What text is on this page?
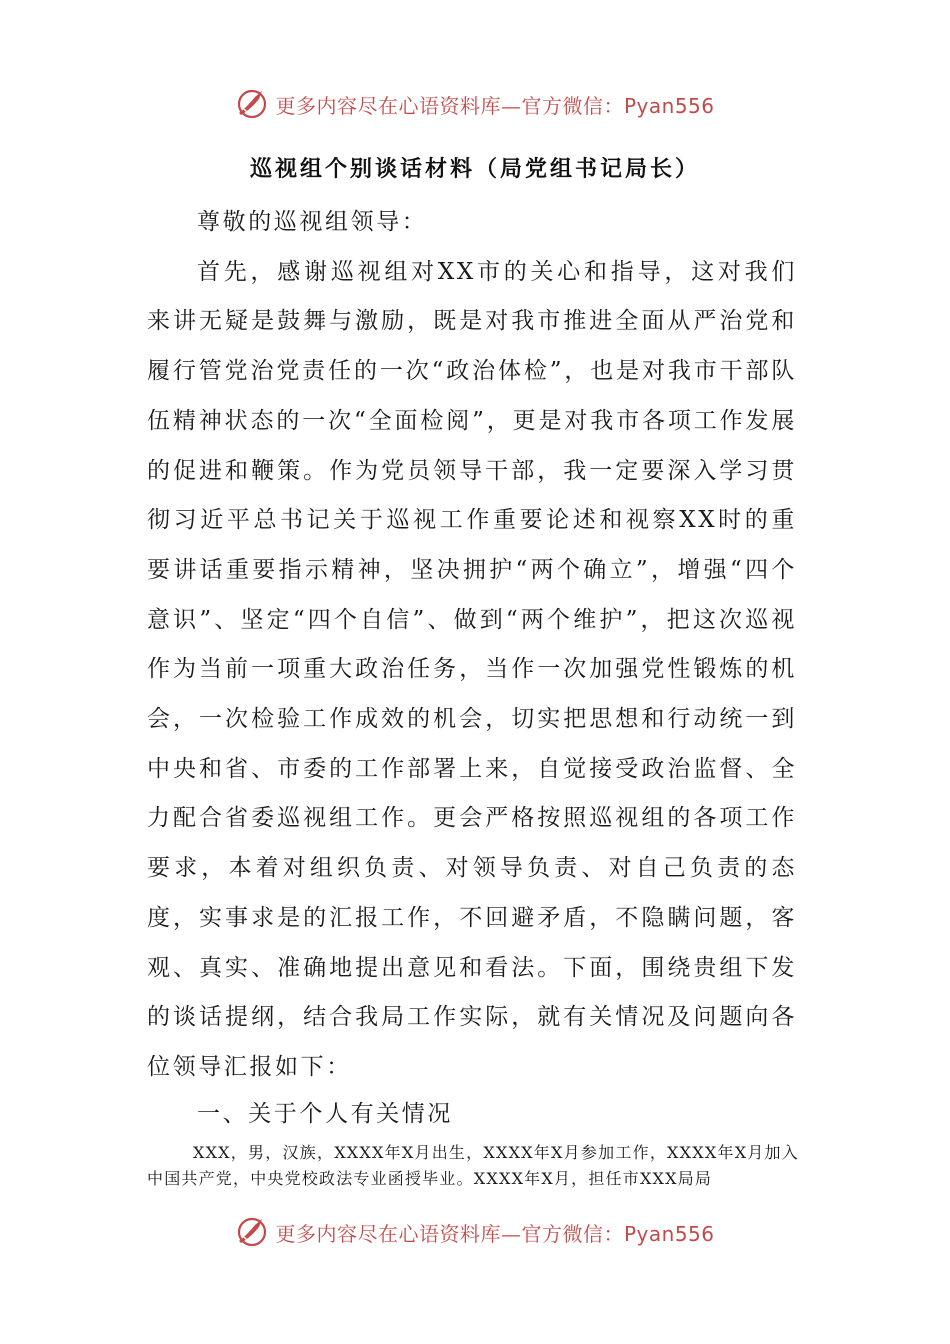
更多内容尽在心语资料库—官方微信：Pyan556
巡视组个别谈话材料（局党组书记局长）

尊敬的巡视组领导：

首先，感谢巡视组对XX市的关心和指导，这对我们来讲无疑是鼓舞与激励，既是对我市推进全面从严治党和履行管党治党责任的一次“政治体检”，也是对我市干部队伍精神状态的一次“全面检阅”，更是对我市各项工作发展的促进和鞭策。作为党员领导干部，我一定要深入学习贯彻习近平总书记关于巡视工作重要论述和视察XX时的重要讲话重要指示精神，坚决拥护“两个确立”，增强“四个意识”、坚定“四个自信”、做到“两个维护”，把这次巡视作为当前一项重大政治任务，当作一次加强党性锻炼的机会，一次检验工作成效的机会，切实把思想和行动统一到中央和省、市委的工作部署上来，自觉接受政治监督、全力配合省委巡视组工作。更会严格按照巡视组的各项工作要求，本着对组织负责、对领导负责、对自己负责的态度，实事求是的汇报工作，不回避矛盾，不隐瞒问题，客观、真实、准确地提出意见和看法。下面，围绕贵组下发的谈话提纲，结合我局工作实际，就有关情况及问题向各位领导汇报如下：

一、关于个人有关情况
XXX，男，汉族，XXXX年X月出生，XXXX年X月参加工作，XXXX年X月加入中国共产党，中央党校政法专业函授毕业。XXXX年X月，担任市XXX局局
更多内容尽在心语资料库—官方微信：Pyan556
